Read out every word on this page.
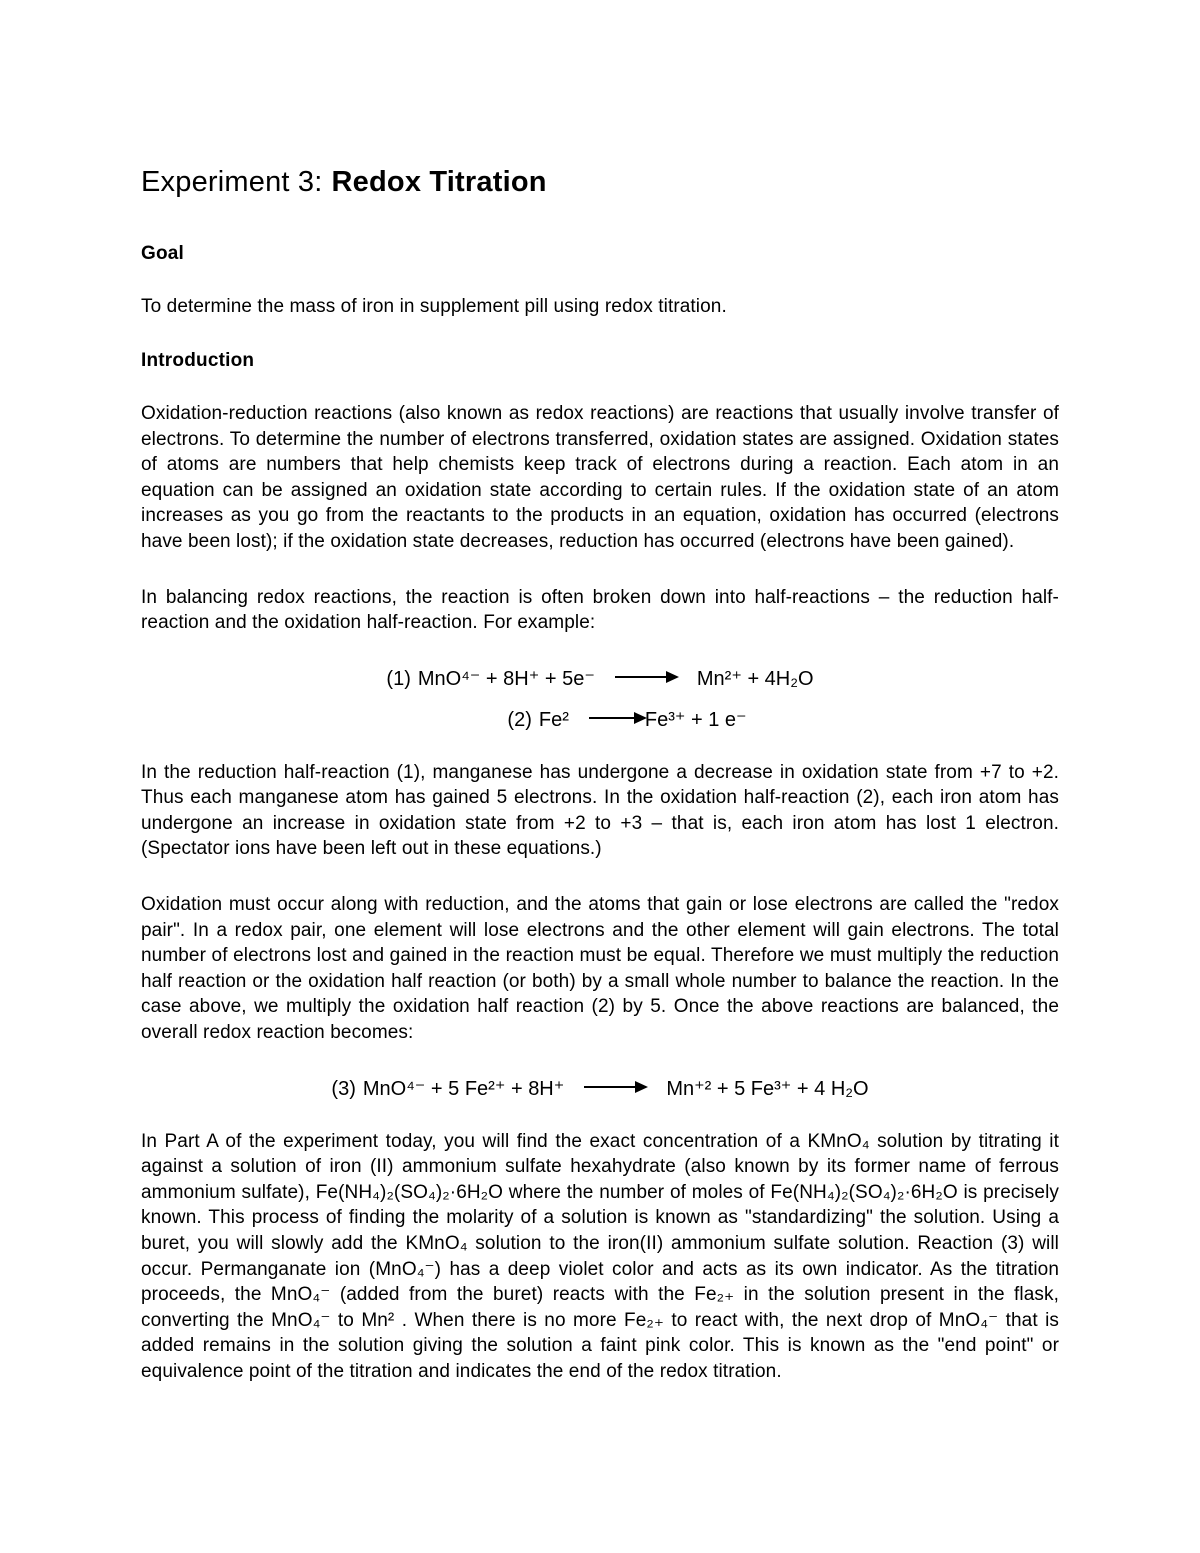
Experiment 3: Redox Titration
Goal

To determine the mass of iron in supplement pill using redox titration.

Introduction

Oxidation-reduction reactions (also known as redox reactions) are reactions that usually involve transfer of electrons. To determine the number of electrons transferred, oxidation states are assigned. Oxidation states of atoms are numbers that help chemists keep track of electrons during a reaction. Each atom in an equation can be assigned an oxidation state according to certain rules. If the oxidation state of an atom increases as you go from the reactants to the products in an equation, oxidation has occurred (electrons have been lost); if the oxidation state decreases, reduction has occurred (electrons have been gained).

In balancing redox reactions, the reaction is often broken down into half-reactions – the reduction half-reaction and the oxidation half-reaction. For example:

(1) MnO⁴⁻ + 8H⁺ + 5e⁻ → Mn²⁺ + 4H₂O
(2) Fe² →Fe³⁺ + 1 e⁻

In the reduction half-reaction (1), manganese has undergone a decrease in oxidation state from +7 to +2. Thus each manganese atom has gained 5 electrons. In the oxidation half-reaction (2), each iron atom has undergone an increase in oxidation state from +2 to +3 – that is, each iron atom has lost 1 electron. (Spectator ions have been left out in these equations.)

Oxidation must occur along with reduction, and the atoms that gain or lose electrons are called the "redox pair". In a redox pair, one element will lose electrons and the other element will gain electrons. The total number of electrons lost and gained in the reaction must be equal. Therefore we must multiply the reduction half reaction or the oxidation half reaction (or both) by a small whole number to balance the reaction. In the case above, we multiply the oxidation half reaction (2) by 5. Once the above reactions are balanced, the overall redox reaction becomes:

(3) MnO⁴⁻ + 5 Fe²⁺ + 8H⁺ → Mn⁺² + 5 Fe³⁺ + 4 H₂O

In Part A of the experiment today, you will find the exact concentration of a KMnO₄ solution by titrating it against a solution of iron (II) ammonium sulfate hexahydrate (also known by its former name of ferrous ammonium sulfate), Fe(NH₄)₂(SO₄)₂·6H₂O where the number of moles of Fe(NH₄)₂(SO₄)₂·6H₂O is precisely known. This process of finding the molarity of a solution is known as "standardizing" the solution. Using a buret, you will slowly add the KMnO₄ solution to the iron(II) ammonium sulfate solution. Reaction (3) will occur. Permanganate ion (MnO₄⁻) has a deep violet color and acts as its own indicator. As the titration proceeds, the MnO₄⁻ (added from the buret) reacts with the Fe₂₊ in the solution present in the flask, converting the MnO₄⁻ to Mn² . When there is no more Fe₂₊ to react with, the next drop of MnO₄⁻ that is added remains in the solution giving the solution a faint pink color. This is known as the "end point" or equivalence point of the titration and indicates the end of the redox titration.
